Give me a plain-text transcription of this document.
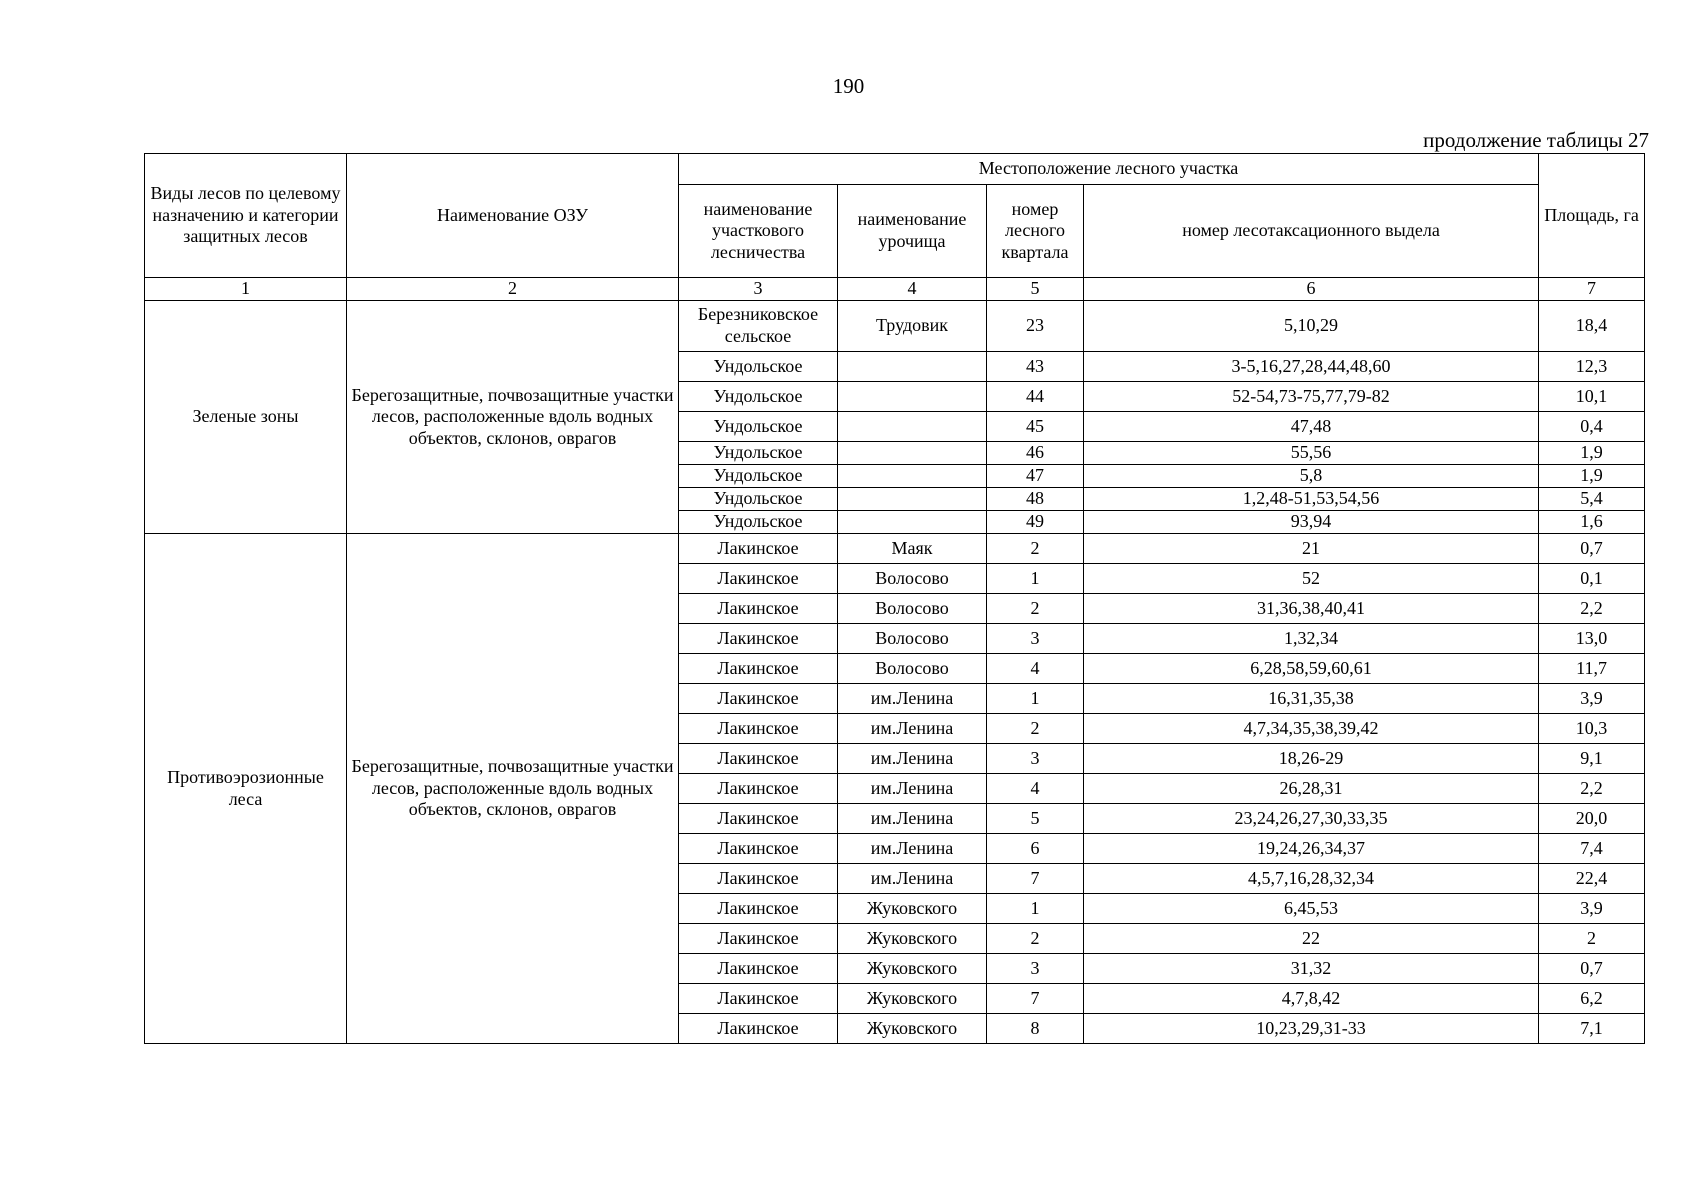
190
продолжение таблицы 27
Виды лесов по целевому назначению и категории защитных лесов	Наименование ОЗУ	Местоположение лесного участка				Площадь, га
		наименование участкового лесничества	наименование урочища	номер лесного квартала	номер лесотаксационного выдела	
1	2	3	4	5	6	7
Зеленые зоны	Берегозащитные, почвозащитные участки лесов, расположенные вдоль водных объектов, склонов, оврагов	Березниковское сельское	Трудовик	23	5,10,29	18,4
		Ундольское		43	3-5,16,27,28,44,48,60	12,3
		Ундольское		44	52-54,73-75,77,79-82	10,1
		Ундольское		45	47,48	0,4
		Ундольское		46	55,56	1,9
		Ундольское		47	5,8	1,9
		Ундольское		48	1,2,48-51,53,54,56	5,4
		Ундольское		49	93,94	1,6
Противоэрозионные леса	Берегозащитные, почвозащитные участки лесов, расположенные вдоль водных объектов, склонов, оврагов	Лакинское	Маяк	2	21	0,7
		Лакинское	Волосово	1	52	0,1
		Лакинское	Волосово	2	31,36,38,40,41	2,2
		Лакинское	Волосово	3	1,32,34	13,0
		Лакинское	Волосово	4	6,28,58,59,60,61	11,7
		Лакинское	им.Ленина	1	16,31,35,38	3,9
		Лакинское	им.Ленина	2	4,7,34,35,38,39,42	10,3
		Лакинское	им.Ленина	3	18,26-29	9,1
		Лакинское	им.Ленина	4	26,28,31	2,2
		Лакинское	им.Ленина	5	23,24,26,27,30,33,35	20,0
		Лакинское	им.Ленина	6	19,24,26,34,37	7,4
		Лакинское	им.Ленина	7	4,5,7,16,28,32,34	22,4
		Лакинское	Жуковского	1	6,45,53	3,9
		Лакинское	Жуковского	2	22	2
		Лакинское	Жуковского	3	31,32	0,7
		Лакинское	Жуковского	7	4,7,8,42	6,2
		Лакинское	Жуковского	8	10,23,29,31-33	7,1
